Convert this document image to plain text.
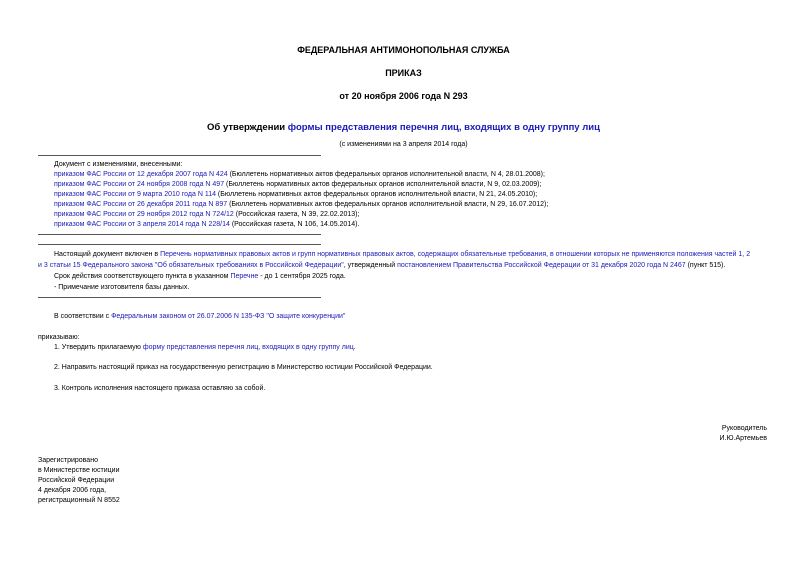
ФЕДЕРАЛЬНАЯ АНТИМОНОПОЛЬНАЯ СЛУЖБА
ПРИКАЗ
от 20 ноября 2006 года N 293
Об утверждении формы представления перечня лиц, входящих в одну группу лиц
(с изменениями на 3 апреля 2014 года)
Документ с изменениями, внесенными:
приказом ФАС России от 12 декабря 2007 года N 424 (Бюллетень нормативных актов федеральных органов исполнительной власти, N 4, 28.01.2008);
приказом ФАС России от 24 ноября 2008 года N 497 (Бюллетень нормативных актов федеральных органов исполнительной власти, N 9, 02.03.2009);
приказом ФАС России от 9 марта 2010 года N 114 (Бюллетень нормативных актов федеральных органов исполнительной власти, N 21, 24.05.2010);
приказом ФАС России от 26 декабря 2011 года N 897 (Бюллетень нормативных актов федеральных органов исполнительной власти, N 29, 16.07.2012);
приказом ФАС России от 29 ноября 2012 года N 724/12 (Российская газета, N 39, 22.02.2013);
приказом ФАС России от 3 апреля 2014 года N 228/14 (Российская газета, N 106, 14.05.2014).
Настоящий документ включен в Перечень нормативных правовых актов и групп нормативных правовых актов, содержащих обязательные требования, в отношении которых не применяются положения частей 1, 2
и 3 статьи 15 Федерального закона "Об обязательных требованиях в Российской Федерации", утвержденный постановлением Правительства Российской Федерации от 31 декабря 2020 года N 2467 (пункт 515).
Срок действия соответствующего пункта в указанном Перечне - до 1 сентября 2025 года.
- Примечание изготовителя базы данных.
В соответствии с Федеральным законом от 26.07.2006 N 135-ФЗ "О защите конкуренции"
приказываю:
1. Утвердить прилагаемую форму представления перечня лиц, входящих в одну группу лиц.
2. Направить настоящий приказ на государственную регистрацию в Министерство юстиции Российской Федерации.
3. Контроль исполнения настоящего приказа оставляю за собой.
Руководитель
И.Ю.Артемьев
Зарегистрировано
в Министерстве юстиции
Российской Федерации
4 декабря 2006 года,
регистрационный N 8552
